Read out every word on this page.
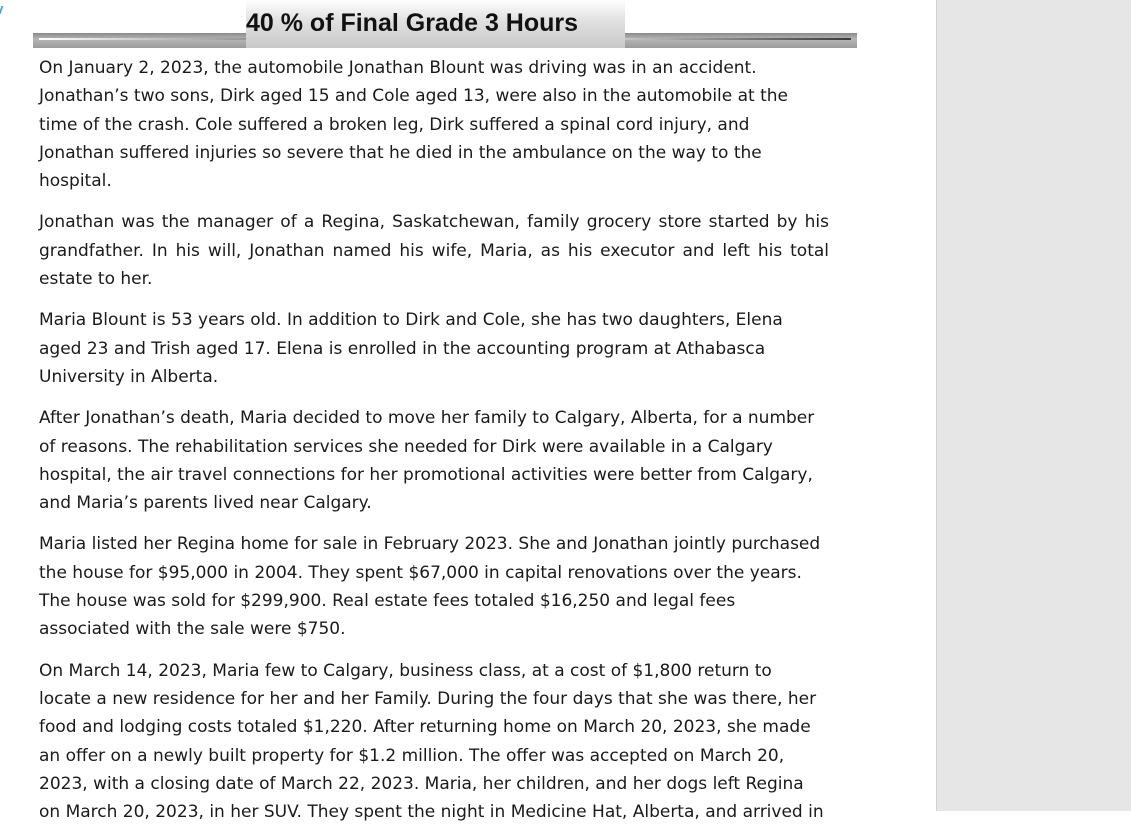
40 % of Final Grade 3 Hours

On January 2, 2023, the automobile Jonathan Blount was driving was in an accident. Jonathan’s two sons, Dirk aged 15 and Cole aged 13, were also in the automobile at the time of the crash. Cole suffered a broken leg, Dirk suffered a spinal cord injury, and Jonathan suffered injuries so severe that he died in the ambulance on the way to the hospital.

Jonathan was the manager of a Regina, Saskatchewan, family grocery store started by his grandfather. In his will, Jonathan named his wife, Maria, as his executor and left his total estate to her.

Maria Blount is 53 years old. In addition to Dirk and Cole, she has two daughters, Elena aged 23 and Trish aged 17. Elena is enrolled in the accounting program at Athabasca University in Alberta.

After Jonathan’s death, Maria decided to move her family to Calgary, Alberta, for a number of reasons. The rehabilitation services she needed for Dirk were available in a Calgary hospital, the air travel connections for her promotional activities were better from Calgary, and Maria’s parents lived near Calgary.

Maria listed her Regina home for sale in February 2023. She and Jonathan jointly purchased the house for $95,000 in 2004. They spent $67,000 in capital renovations over the years. The house was sold for $299,900. Real estate fees totaled $16,250 and legal fees associated with the sale were $750.

On March 14, 2023, Maria few to Calgary, business class, at a cost of $1,800 return to locate a new residence for her and her Family. During the four days that she was there, her food and lodging costs totaled $1,220. After returning home on March 20, 2023, she made an offer on a newly built property for $1.2 million. The offer was accepted on March 20, 2023, with a closing date of March 22, 2023. Maria, her children, and her dogs left Regina on March 20, 2023, in her SUV. They spent the night in Medicine Hat, Alberta, and arrived in
